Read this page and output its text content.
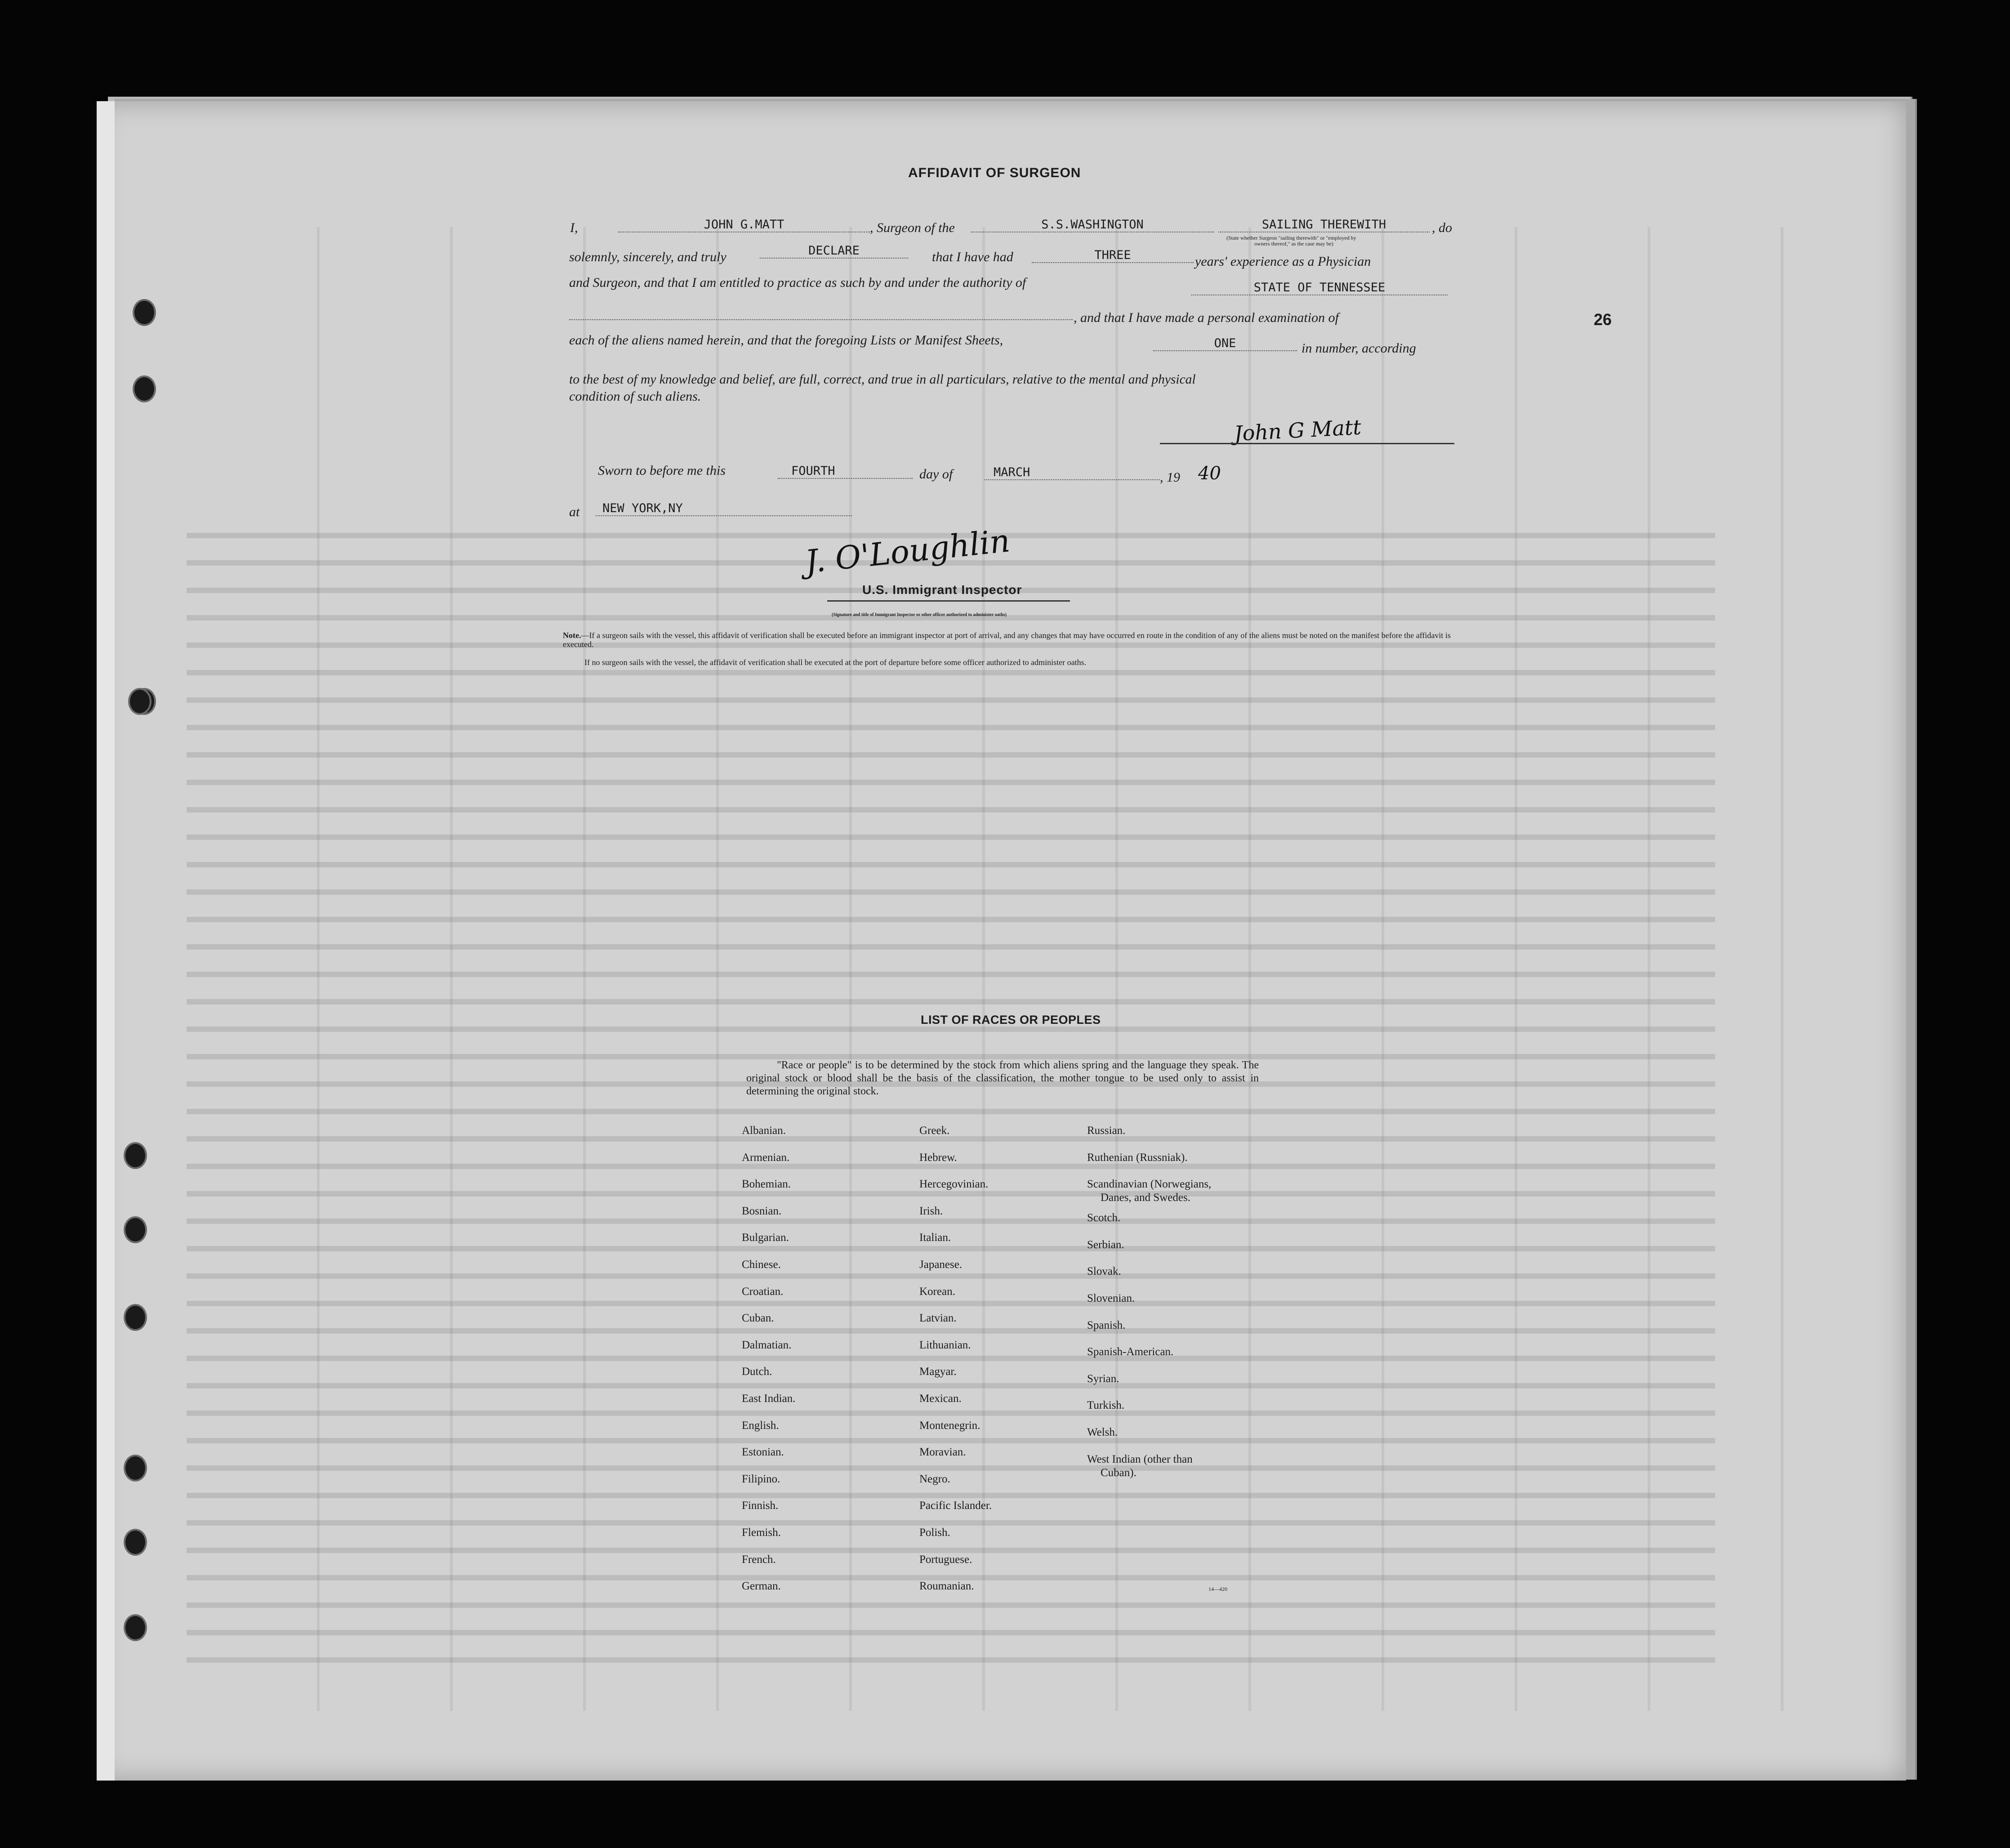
AFFIDAVIT OF SURGEON
I,	JOHN G.MATT	, Surgeon of the	S.S.WASHINGTON	SAILING THEREWITH	, do
(State whether Surgeon "sailing therewith" or "employed by
owners thereof," as the case may be)
solemnly, sincerely, and truly	DECLARE	that I have had	THREE	years' experience as a Physician
and Surgeon, and that I am entitled to practice as such by and under the authority of	STATE OF TENNESSEE
, and that I have made a personal examination of
each of the aliens named herein, and that the foregoing Lists or Manifest Sheets,	ONE	in number, according
to the best of my knowledge and belief, are full, correct, and true in all particulars, relative to the mental and physical
condition of such aliens.
26
John G Matt
Sworn to before me this	FOURTH	day of	MARCH	, 19 40
at	NEW YORK,NY
J. O'Loughlin
U.S. Immigrant Inspector
(Signature and title of Immigrant Inspector or other officer authorized to administer oaths)
Note.—If a surgeon sails with the vessel, this affidavit of verification shall be executed before an immigrant inspector at port of arrival, and any changes that may have occurred en route in the condition of any of the aliens must be noted on the manifest before the affidavit is executed.
If no surgeon sails with the vessel, the affidavit of verification shall be executed at the port of departure before some officer authorized to administer oaths.
LIST OF RACES OR PEOPLES
"Race or people" is to be determined by the stock from which aliens spring and the language they speak. The original stock or blood shall be the basis of the classification, the mother tongue to be used only to assist in determining the original stock.
Albanian.
Armenian.
Bohemian.
Bosnian.
Bulgarian.
Chinese.
Croatian.
Cuban.
Dalmatian.
Dutch.
East Indian.
English.
Estonian.
Filipino.
Finnish.
Flemish.
French.
German.
Greek.
Hebrew.
Hercegovinian.
Irish.
Italian.
Japanese.
Korean.
Latvian.
Lithuanian.
Magyar.
Mexican.
Montenegrin.
Moravian.
Negro.
Pacific Islander.
Polish.
Portuguese.
Roumanian.
Russian.
Ruthenian (Russniak).
Scandinavian (Norwegians,
Danes, and Swedes.
Scotch.
Serbian.
Slovak.
Slovenian.
Spanish.
Spanish-American.
Syrian.
Turkish.
Welsh.
West Indian (other than
Cuban).
14—420
